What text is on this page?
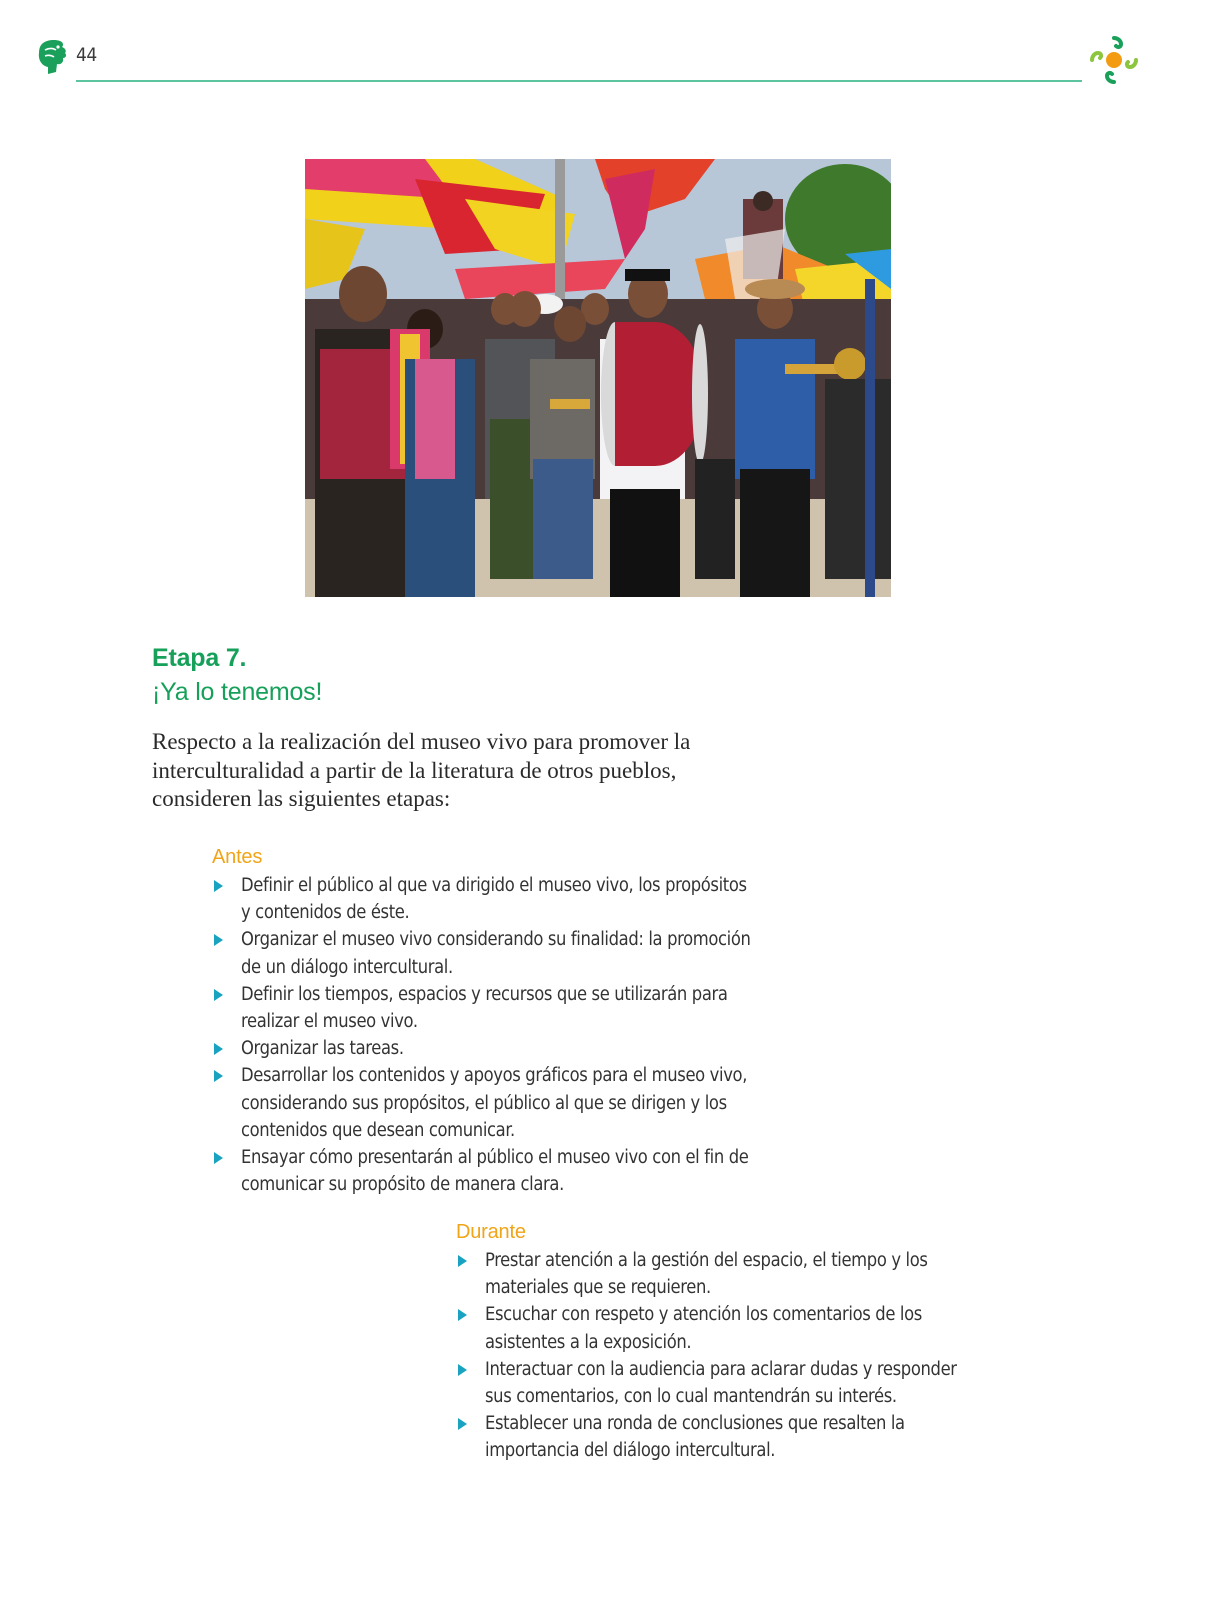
44
Etapa 7.
¡Ya lo tenemos!
Respecto a la realización del museo vivo para promover la interculturalidad a partir de la literatura de otros pueblos, consideren las siguientes etapas:
Antes
Definir el público al que va dirigido el museo vivo, los propósitos y contenidos de éste.
Organizar el museo vivo considerando su finalidad: la promoción de un diálogo intercultural.
Definir los tiempos, espacios y recursos que se utilizarán para realizar el museo vivo.
Organizar las tareas.
Desarrollar los contenidos y apoyos gráficos para el museo vivo, considerando sus propósitos, el público al que se dirigen y los contenidos que desean comunicar.
Ensayar cómo presentarán al público el museo vivo con el fin de comunicar su propósito de manera clara.
Durante
Prestar atención a la gestión del espacio, el tiempo y los materiales que se requieren.
Escuchar con respeto y atención los comentarios de los asistentes a la exposición.
Interactuar con la audiencia para aclarar dudas y responder sus comentarios, con lo cual mantendrán su interés.
Establecer una ronda de conclusiones que resalten la importancia del diálogo intercultural.
